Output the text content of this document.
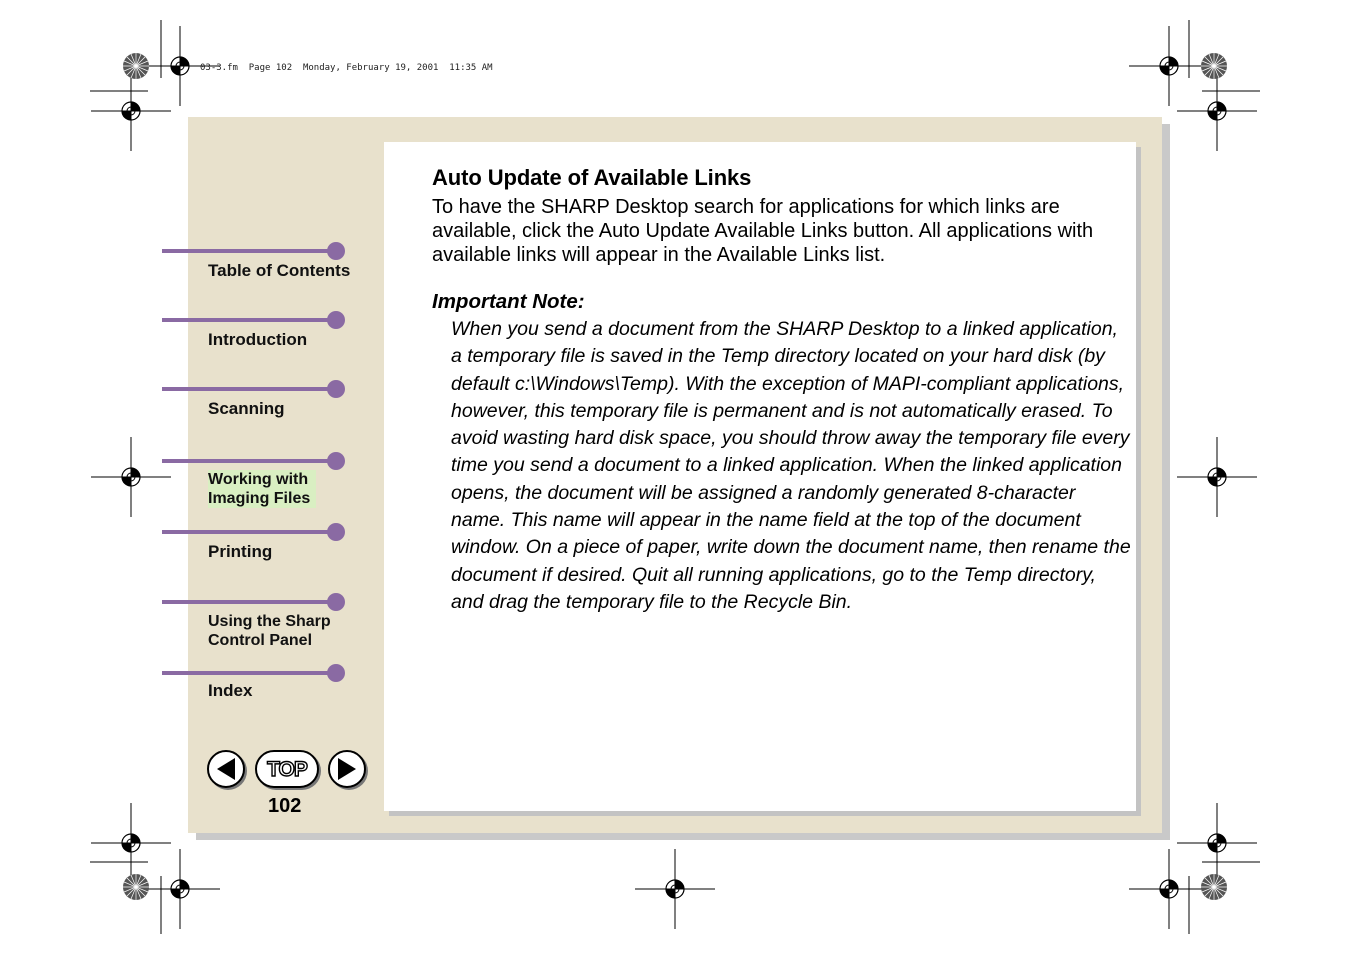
03-3.fm  Page 102  Monday, February 19, 2001  11:35 AM
Auto Update of Available Links

To have the SHARP Desktop search for applications for which links are available, click the Auto Update Available Links button. All applications with available links will appear in the Available Links list.

Important Note:

When you send a document from the SHARP Desktop to a linked application, a temporary file is saved in the Temp directory located on your hard disk (by default c:\Windows\Temp). With the exception of MAPI-compliant applications, however, this temporary file is permanent and is not automatically erased. To avoid wasting hard disk space, you should throw away the temporary file every time you send a document to a linked application. When the linked application opens, the document will be assigned a randomly generated 8-character name. This name will appear in the name field at the top of the document window. On a piece of paper, write down the document name, then rename the document if desired. Quit all running applications, go to the Temp directory, and drag the temporary file to the Recycle Bin.

Table of Contents
Introduction
Scanning
Working with
Imaging Files
Printing
Using the Sharp
Control Panel
Index
TOP
102
